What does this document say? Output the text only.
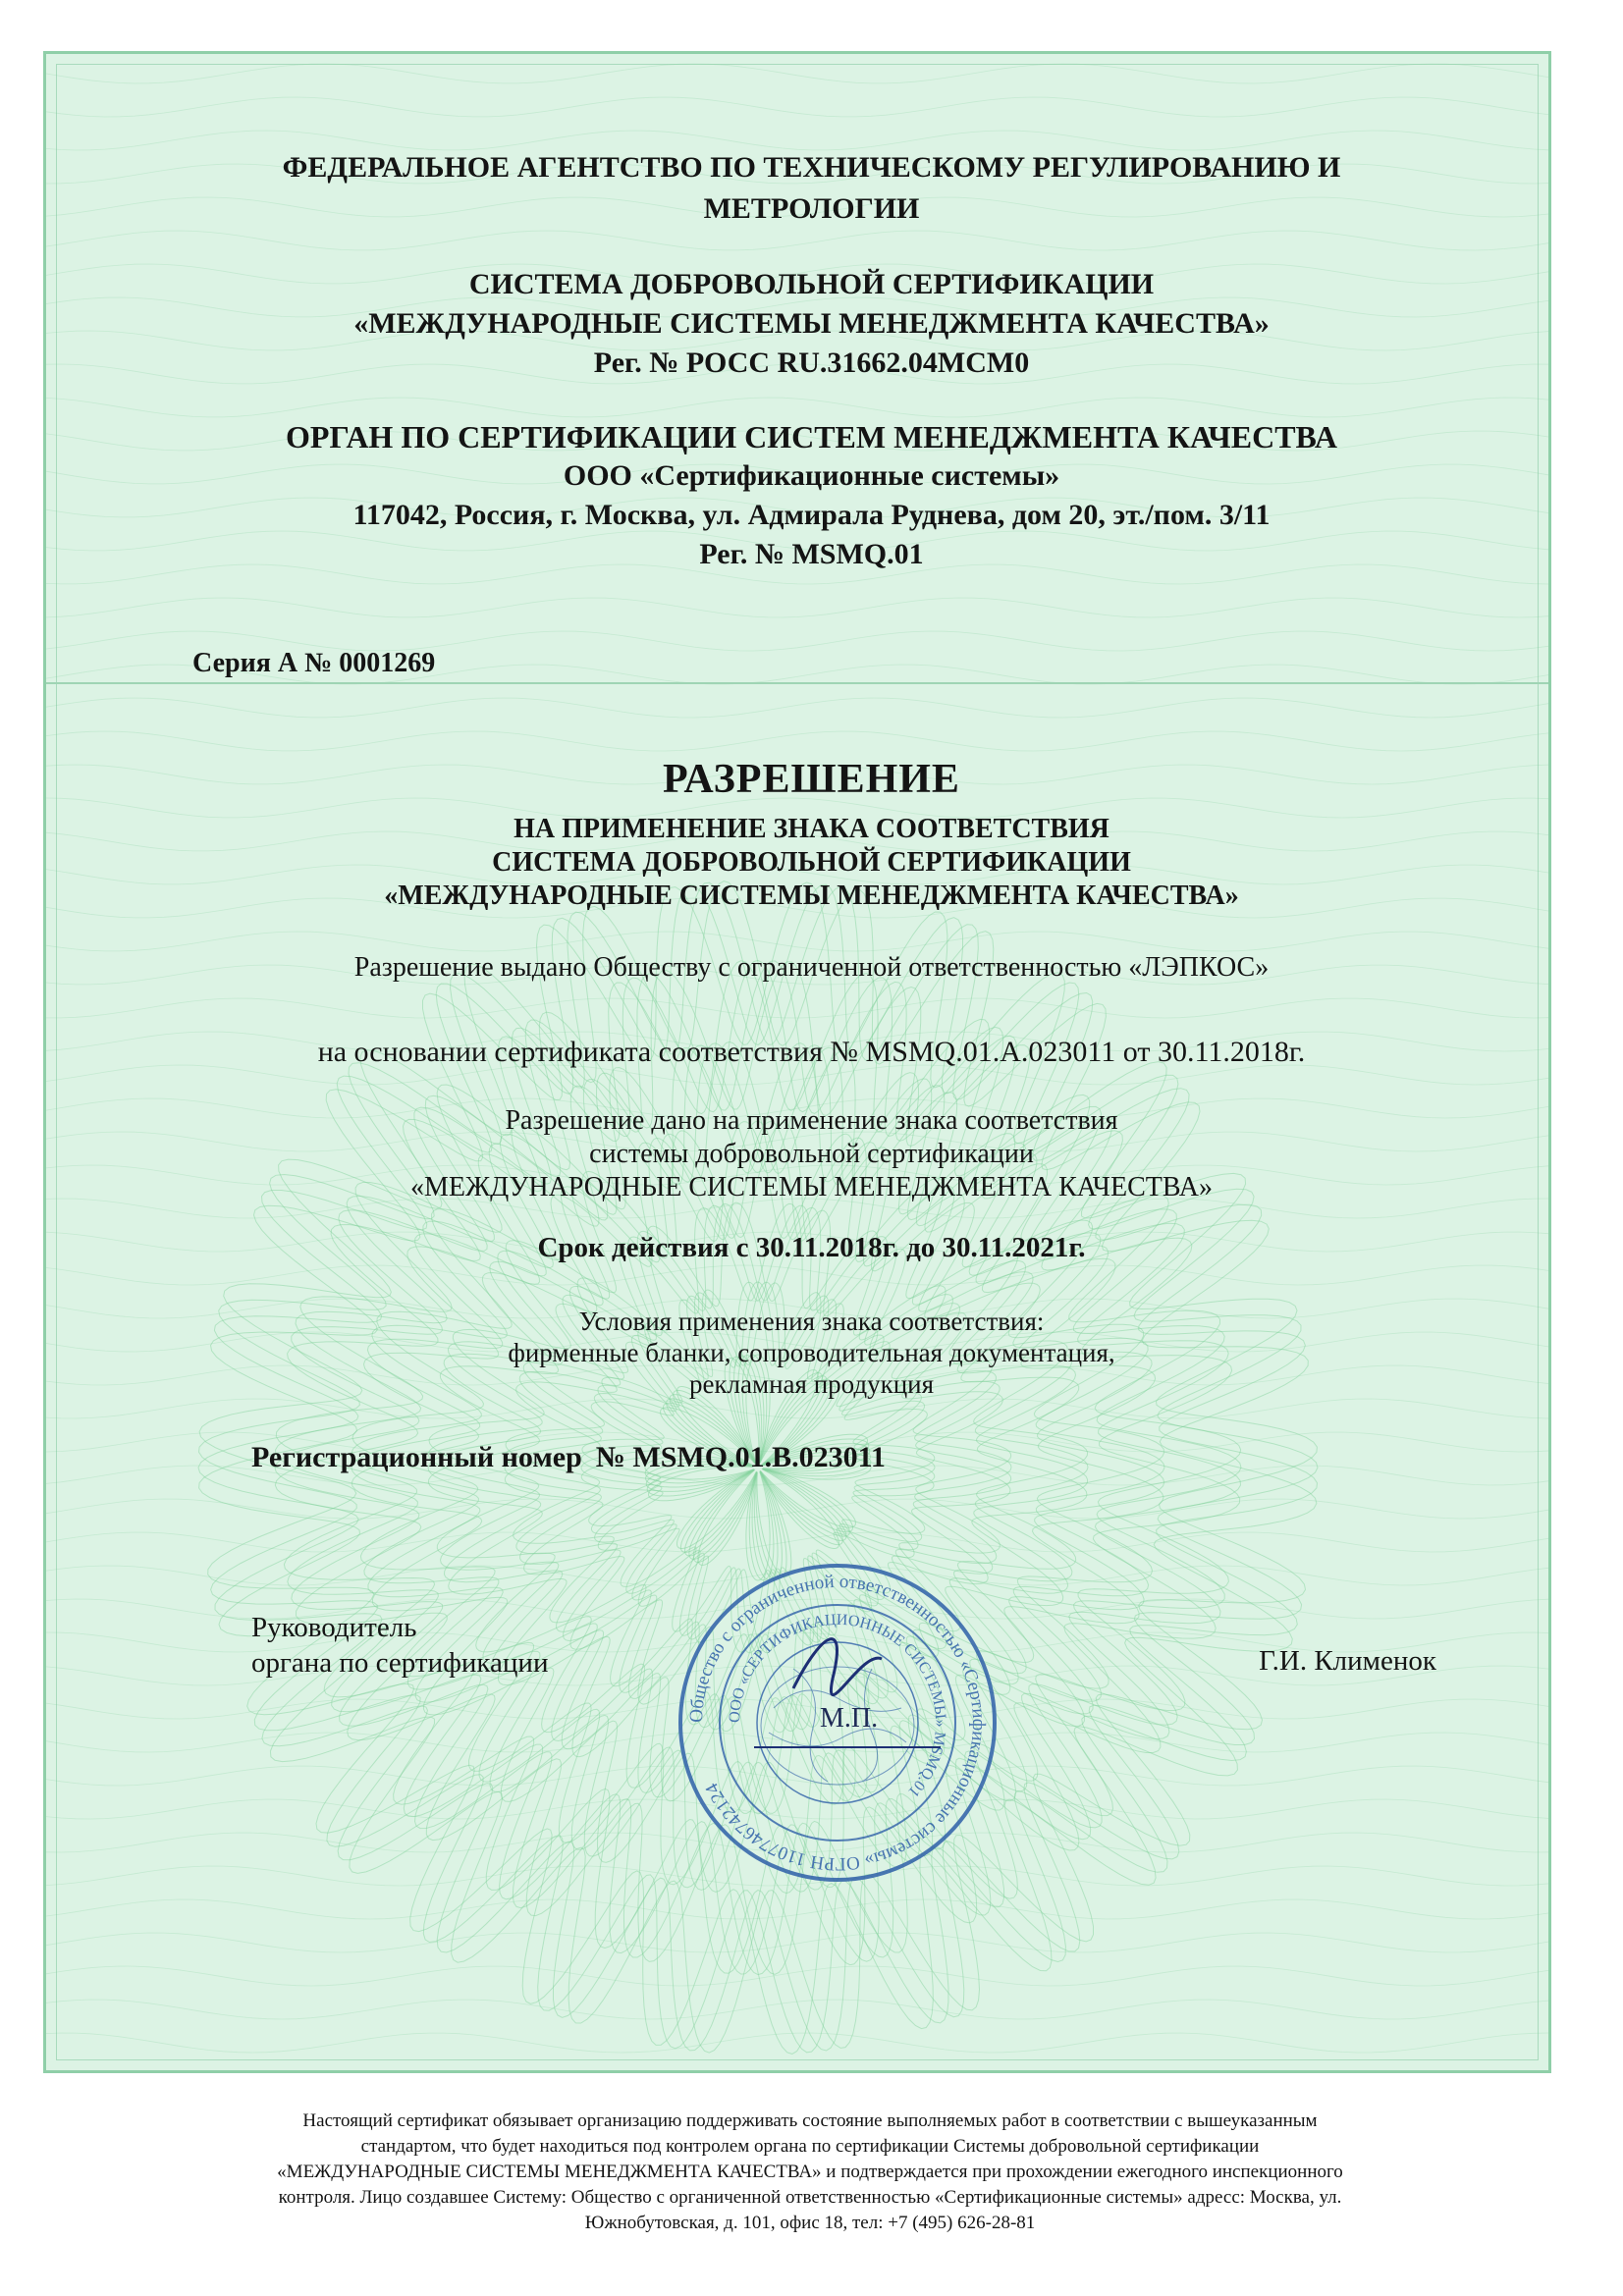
ФЕДЕРАЛЬНОЕ АГЕНТСТВО ПО ТЕХНИЧЕСКОМУ РЕГУЛИРОВАНИЮ И
МЕТРОЛОГИИ
СИСТЕМА ДОБРОВОЛЬНОЙ СЕРТИФИКАЦИИ
«МЕЖДУНАРОДНЫЕ СИСТЕМЫ МЕНЕДЖМЕНТА КАЧЕСТВА»
Рег. № РОСС RU.31662.04МСМ0
ОРГАН ПО СЕРТИФИКАЦИИ СИСТЕМ МЕНЕДЖМЕНТА КАЧЕСТВА
ООО «Сертификационные системы»
117042, Россия, г. Москва, ул. Адмирала Руднева, дом 20, эт./пом. 3/11
Рег. № MSMQ.01
Серия А № 0001269
РАЗРЕШЕНИЕ
НА ПРИМЕНЕНИЕ ЗНАКА СООТВЕТСТВИЯ
СИСТЕМА ДОБРОВОЛЬНОЙ СЕРТИФИКАЦИИ
«МЕЖДУНАРОДНЫЕ СИСТЕМЫ МЕНЕДЖМЕНТА КАЧЕСТВА»
Разрешение выдано Обществу с ограниченной ответственностью «ЛЭПКОС»
на основании сертификата соответствия № MSMQ.01.A.023011 от 30.11.2018г.
Разрешение дано на применение знака соответствия
системы добровольной сертификации
«МЕЖДУНАРОДНЫЕ СИСТЕМЫ МЕНЕДЖМЕНТА КАЧЕСТВА»
Срок действия с 30.11.2018г. до 30.11.2021г.
Условия применения знака соответствия:
фирменные бланки, сопроводительная документация,
рекламная продукция
Регистрационный номер № MSMQ.01.B.023011
Руководитель
органа по сертификации
Общество с ограниченной ответственностью «Сертификационные системы» ОГРН 1107746742124
ООО «СЕРТИФИКАЦИОННЫЕ СИСТЕМЫ» MSMQ.01
М.П.
Г.И. Клименок
Настоящий сертификат обязывает организацию поддерживать состояние выполняемых работ в соответствии с вышеуказанным
стандартом, что будет находиться под контролем органа по сертификации Системы добровольной сертификации
«МЕЖДУНАРОДНЫЕ СИСТЕМЫ МЕНЕДЖМЕНТА КАЧЕСТВА» и подтверждается при прохождении ежегодного инспекционного
контроля. Лицо создавшее Систему: Общество с органиченной ответственностью «Сертификационные системы» адресс: Москва, ул.
Южнобутовская, д. 101, офис 18, тел: +7 (495) 626-28-81
